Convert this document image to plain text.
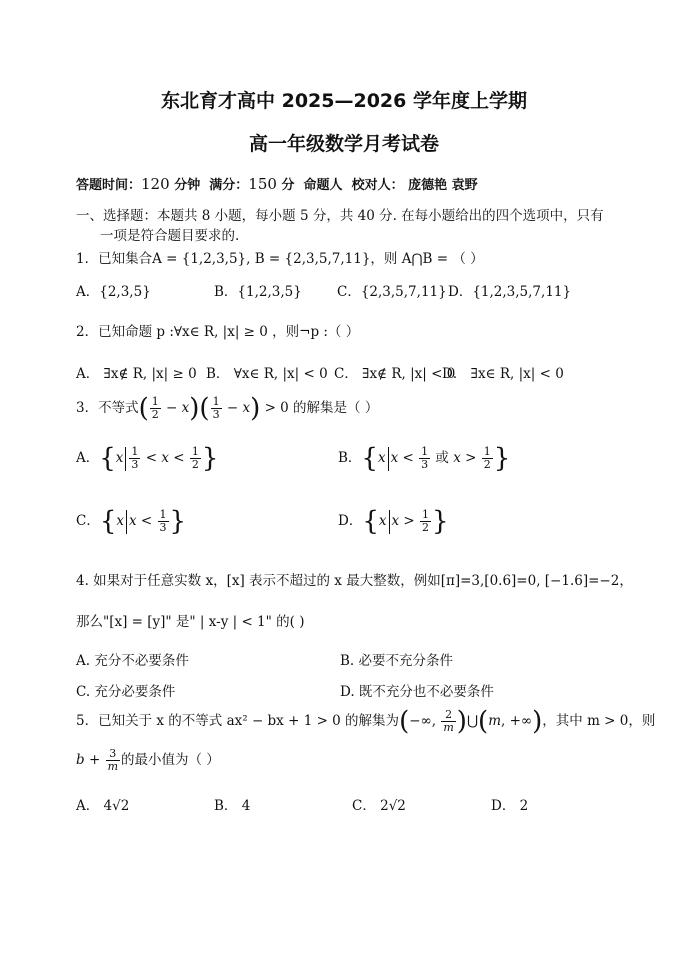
东北育才高中 2025—2026 学年度上学期
高一年级数学月考试卷
答题时间：120 分钟 满分：150 分 命题人 校对人： 庞德艳 袁野
一、选择题：本题共 8 小题，每小题 5 分，共 40 分. 在每小题给出的四个选项中，只有
一项是符合题目要求的.
1．已知集合A = {1,2,3,5}, B = {2,3,5,7,11}，则 A⋂B = （ ）
A．{2,3,5}	B．{1,2,3,5}	C．{2,3,5,7,11} D．{1,2,3,5,7,11}
2．已知命题 p :∀x∈ R, |x| ≥ 0 ，则¬p :（ ）
A． ∃x∉ R, |x| ≥ 0 B． ∀x∈ R, |x| < 0 C． ∃x∉ R, |x| < 0
D． ∃x∈ R, |x| < 0
3．不等式( $\frac{1}{2} - x)( \frac{1}{3} - x) > 0$ 的解集是（ ）
A．{$x \frac{1}{3} < x < \frac{1}{2}$ }	B．{x $x < \frac{1}{3}$ 或 $x > \frac{1}{2}$ }
C．{x $x < \frac{1}{3}$ }	D．{x $x > \frac{1}{2}$ }
4. 如果对于任意实数 x，[x] 表示不超过的 x 最大整数，例如[π]=3,[0.6]=0, [−1.6]=−2，
那么"[x] = [y]" 是" | x-y | < 1" 的( )
A. 充分不必要条件	B. 必要不充分条件
C. 充分必要条件	D. 既不充分也不必要条件
5．已知关于 x 的不等式 ax² − bx + 1 > 0 的解集为(−∞, $\frac{2}{m}$ )⋃(m, +∞)，其中 m > 0，则
$b + \frac{3}{m}$ 的最小值为（ ）
A． 4√2	B． 4	C． 2√2	D． 2
